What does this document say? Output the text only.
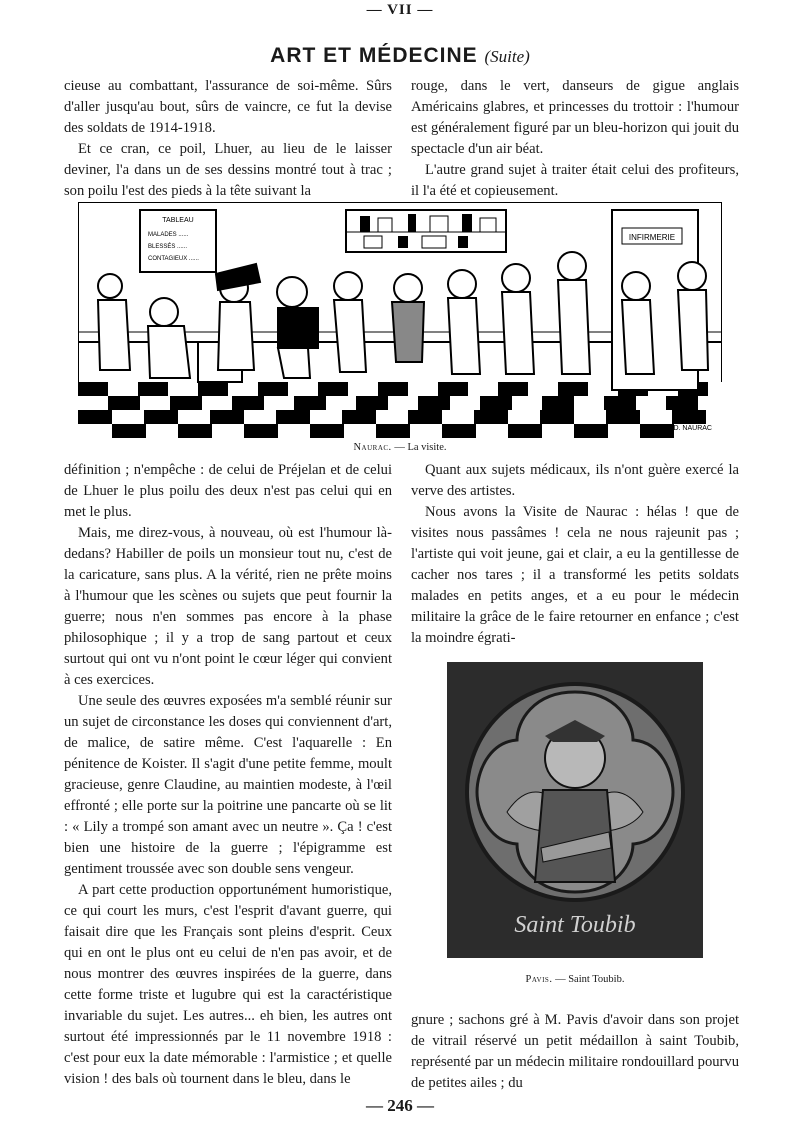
— VII —
ART ET MÉDECINE (Suite)

cieuse au combattant, l'assurance de soi-même. Sûrs d'aller jusqu'au bout, sûrs de vaincre, ce fut la devise des soldats de 1914-1918.

Et ce cran, ce poil, Lhuer, au lieu de le laisser deviner, l'a dans un de ses dessins montré tout à trac ; son poilu l'est des pieds à la tête suivant la

rouge, dans le vert, danseurs de gigue anglais Américains glabres, et princesses du trottoir : l'humour est généralement figuré par un bleu-horizon qui jouit du spectacle d'un air béat.

L'autre grand sujet à traiter était celui des profiteurs, il l'a été et copieusement.

TABLEAU
MALADES ......
BLESSÉS ......
CONTAGIEUX ......
INFIRMERIE
H.D. NAURAC
Naurac. — La visite.

définition ; n'empêche : de celui de Préjelan et de celui de Lhuer le plus poilu des deux n'est pas celui qui en met le plus.

Mais, me direz-vous, à nouveau, où est l'humour là-dedans? Habiller de poils un monsieur tout nu, c'est de la caricature, sans plus. A la vérité, rien ne prête moins à l'humour que les scènes ou sujets que peut fournir la guerre; nous n'en sommes pas encore à la phase philosophique ; il y a trop de sang partout et ceux surtout qui ont vu n'ont point le cœur léger qui convient à ces exercices.

Une seule des œuvres exposées m'a semblé réunir sur un sujet de circonstance les doses qui conviennent d'art, de malice, de satire même. C'est l'aquarelle : En pénitence de Koister. Il s'agit d'une petite femme, moult gracieuse, genre Claudine, au maintien modeste, à l'œil effronté ; elle porte sur la poitrine une pancarte où se lit : « Lily a trompé son amant avec un neutre ». Ça ! c'est bien une histoire de la guerre ; l'épigramme est gentiment troussée avec son double sens vengeur.

A part cette production opportunément humoristique, ce qui court les murs, c'est l'esprit d'avant guerre, qui faisait dire que les Français sont pleins d'esprit. Ceux qui en ont le plus ont eu celui de n'en pas avoir, et de nous montrer des œuvres inspirées de la guerre, dans cette forme triste et lugubre qui est la caractéristique invariable du sujet. Les autres... eh bien, les autres ont surtout été impressionnés par le 11 novembre 1918 : c'est pour eux la date mémorable : l'armistice ; et quelle vision ! des bals où tournent dans le bleu, dans le

Quant aux sujets médicaux, ils n'ont guère exercé la verve des artistes.

Nous avons la Visite de Naurac : hélas ! que de visites nous passâmes ! cela ne nous rajeunit pas ; l'artiste qui voit jeune, gai et clair, a eu la gentillesse de cacher nos tares ; il a transformé les petits soldats malades en petits anges, et a eu pour le médecin militaire la grâce de le faire retourner en enfance ; c'est la moindre égrati-

Saint Toubib
Pavis. — Saint Toubib.

gnure ; sachons gré à M. Pavis d'avoir dans son projet de vitrail réservé un petit médaillon à saint Toubib, représenté par un médecin militaire rondouillard pourvu de petites ailes ; du

— 246 —
